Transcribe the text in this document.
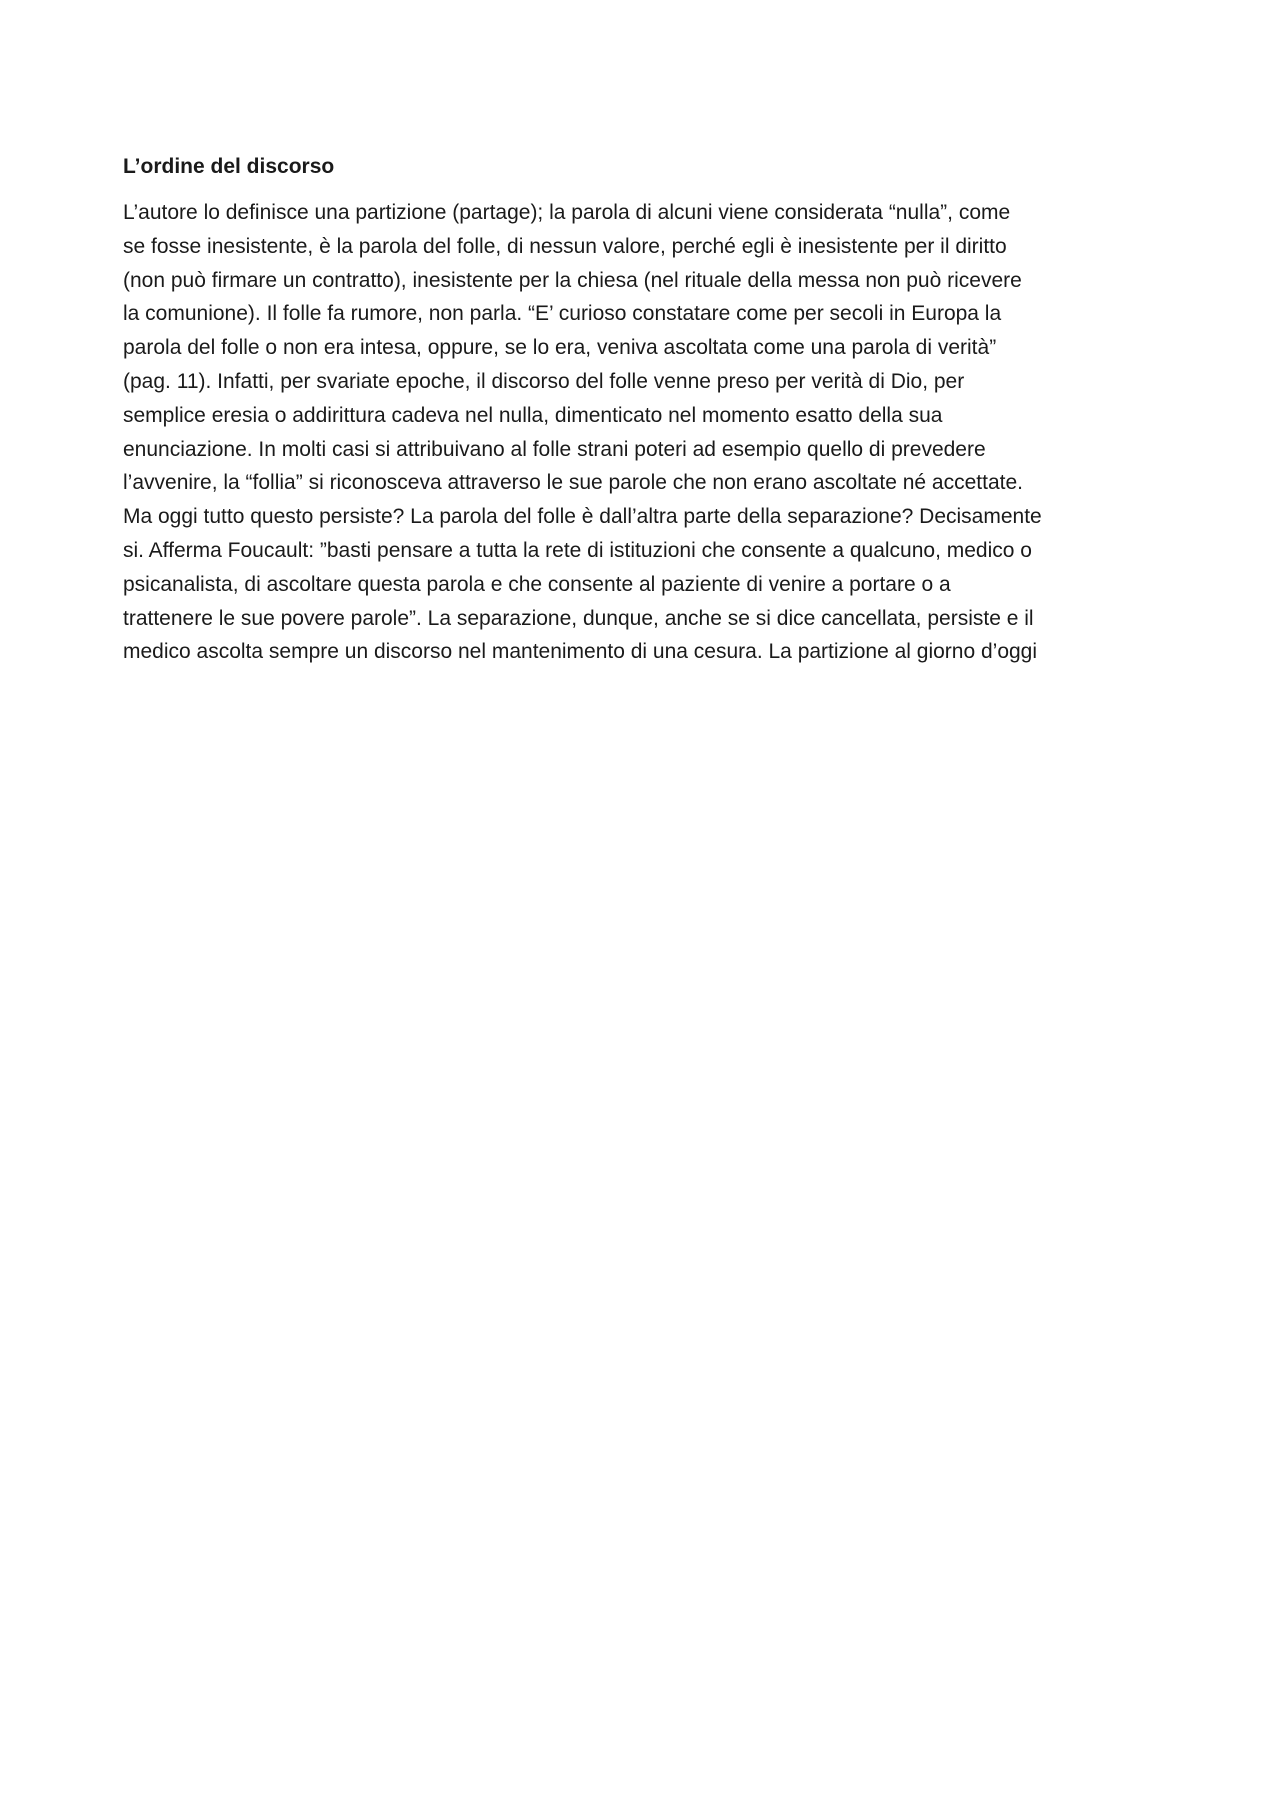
L’ordine del discorso

L’autore lo definisce una partizione (partage); la parola di alcuni viene considerata “nulla”, come
se fosse inesistente, è la parola del folle, di nessun valore, perché egli è inesistente per il diritto
(non può firmare un contratto), inesistente per la chiesa (nel rituale della messa non può ricevere
la comunione). Il folle fa rumore, non parla. “E’ curioso constatare come per secoli in Europa la
parola del folle o non era intesa, oppure, se lo era, veniva ascoltata come una parola di verità”
(pag. 11). Infatti, per svariate epoche, il discorso del folle venne preso per verità di Dio, per
semplice eresia o addirittura cadeva nel nulla, dimenticato nel momento esatto della sua
enunciazione. In molti casi si attribuivano al folle strani poteri ad esempio quello di prevedere
l’avvenire, la “follia” si riconosceva attraverso le sue parole che non erano ascoltate né accettate.
Ma oggi tutto questo persiste? La parola del folle è dall’altra parte della separazione? Decisamente
si. Afferma Foucault: ”basti pensare a tutta la rete di istituzioni che consente a qualcuno, medico o
psicanalista, di ascoltare questa parola e che consente al paziente di venire a portare o a
trattenere le sue povere parole”. La separazione, dunque, anche se si dice cancellata, persiste e il
medico ascolta sempre un discorso nel mantenimento di una cesura. La partizione al giorno d’oggi
